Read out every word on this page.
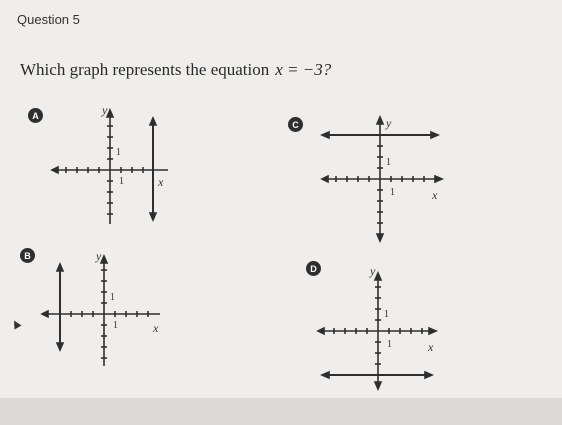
Question 5
Which graph represents the equation x = −3?
A	y
1
1	x
B	y
1
1	x
C	y
1
1	x
D	y
1
1	x
